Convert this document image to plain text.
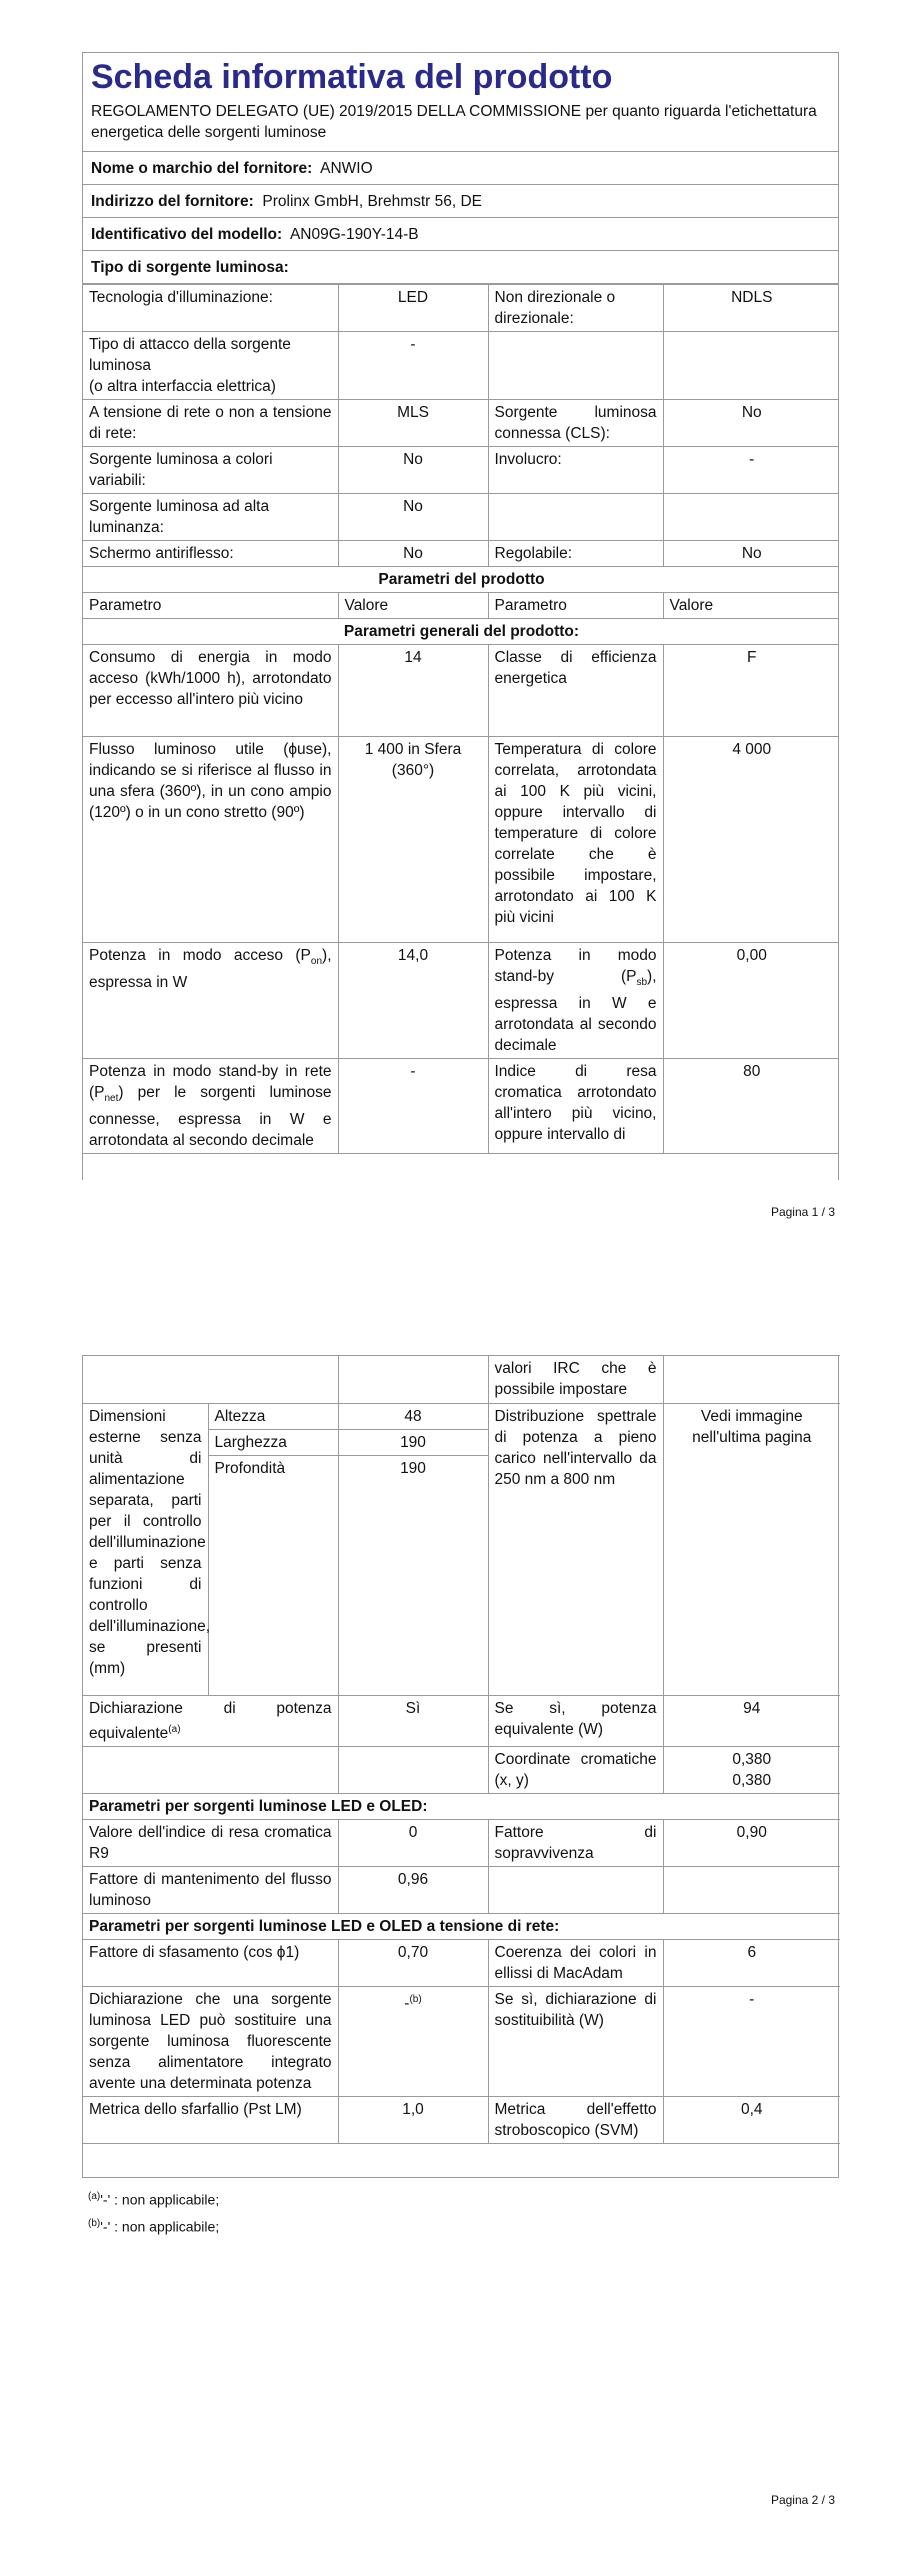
Scheda informativa del prodotto
REGOLAMENTO DELEGATO (UE) 2019/2015 DELLA COMMISSIONE per quanto riguarda l'etichettatura energetica delle sorgenti luminose
Nome o marchio del fornitore: ANWIO
Indirizzo del fornitore: Prolinx GmbH, Brehmstr 56, DE
Identificativo del modello: AN09G-190Y-14-B
Tipo di sorgente luminosa:
Tecnologia d'illuminazione:	LED	Non direzionale o direzionale:	NDLS

Tipo di attacco della sorgente luminosa
(o altra interfaccia elettrica)	-		
A tensione di rete o non a tensione di rete:	MLS	Sorgente luminosa connessa (CLS):	No
Sorgente luminosa a colori variabili:	No	Involucro:	-
Sorgente luminosa ad alta luminanza:	No		
Schermo antiriflesso:	No	Regolabile:	No
Parametri del prodotto			
Parametro	Valore	Parametro	Valore
Parametri generali del prodotto:			
Consumo di energia in modo acceso (kWh/1000 h), arrotondato per eccesso all'intero più vicino	14	Classe di efficienza energetica	F
Flusso luminoso utile (ϕuse), indicando se si riferisce al flusso in una sfera (360º), in un cono ampio (120º) o in un cono stretto (90º)	1 400 in Sfera (360°)	Temperatura di colore correlata, arrotondata ai 100 K più vicini, oppure intervallo di temperature di colore correlate che è possibile impostare, arrotondato ai 100 K più vicini	4 000
Potenza in modo acceso $(P_{on})$, espressa in W	14,0	Potenza in modo stand-by $(P_{sb})$, espressa in W e arrotondata al secondo decimale	0,00
Potenza in modo stand-by in rete $(P_{net})$ per le sorgenti luminose connesse, espressa in W e arrotondata al secondo decimale	-	Indice di resa cromatica arrotondato all'intero più vicino, oppure intervallo di	80
Pagina 1 / 3
			valori IRC che è possibile impostare	
Dimensioni esterne senza unità di alimentazione separata, parti per il controllo dell'illuminazione e parti senza funzioni di controllo dell'illuminazione, se presenti (mm)	Altezza	48	Distribuzione spettrale di potenza a pieno carico nell'intervallo da 250 nm a 800 nm	Vedi immagine nell'ultima pagina
	Larghezza	190		
	Profondità	190		
Dichiarazione di potenza equivalente$^{(a)}$		Sì	Se sì, potenza equivalente (W)	94
			Coordinate cromatiche (x, y)	0,380
0,380

Parametri per sorgenti luminose LED e OLED:				
Valore dell'indice di resa cromatica R9		0	Fattore di sopravvivenza	0,90
Fattore di mantenimento del flusso luminoso		0,96		
Parametri per sorgenti luminose LED e OLED a tensione di rete:				
Fattore di sfasamento (cos ϕ1)		0,70	Coerenza dei colori in ellissi di MacAdam	6
Dichiarazione che una sorgente luminosa LED può sostituire una sorgente luminosa fluorescente senza alimentatore integrato avente una determinata potenza		-$^{(b)}$	Se sì, dichiarazione di sostituibilità (W)	-
Metrica dello sfarfallio (Pst LM)		1,0	Metrica dell'effetto stroboscopico (SVM)	0,4
$^{(a)}$'-' : non applicabile;
$^{(b)}$'-' : non applicabile;
Pagina 2 / 3
